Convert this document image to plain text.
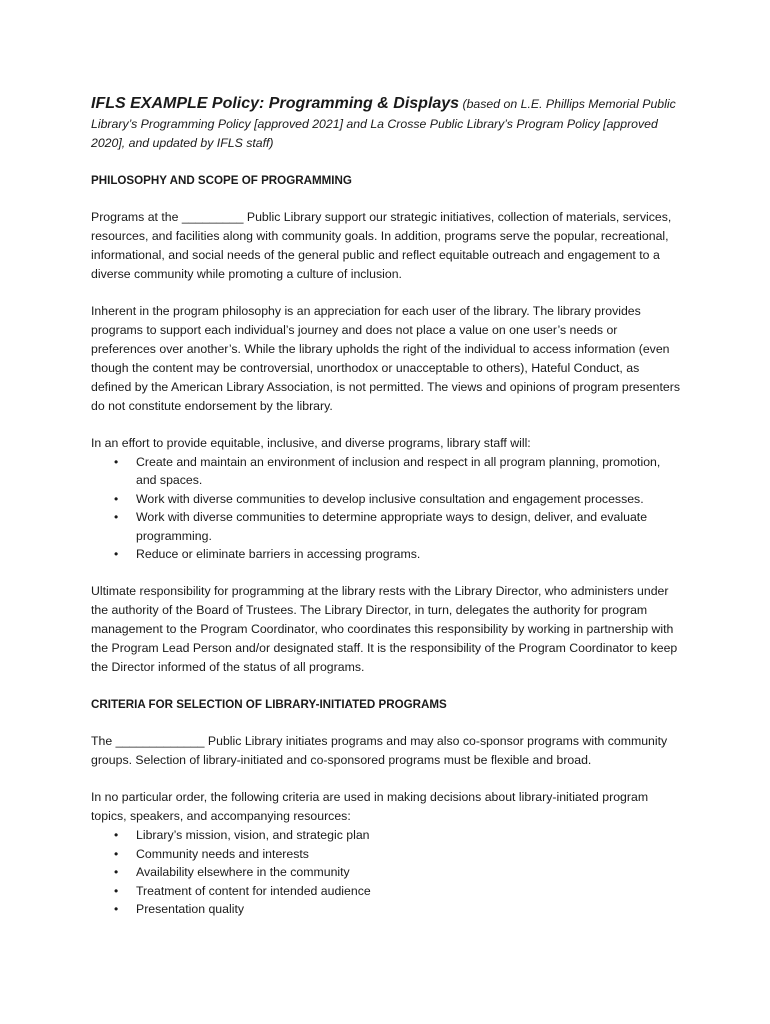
IFLS EXAMPLE Policy: Programming & Displays (based on L.E. Phillips Memorial Public Library’s Programming Policy [approved 2021] and La Crosse Public Library’s Program Policy [approved 2020], and updated by IFLS staff)
PHILOSOPHY AND SCOPE OF PROGRAMMING

Programs at the _________ Public Library support our strategic initiatives, collection of materials, services, resources, and facilities along with community goals. In addition, programs serve the popular, recreational, informational, and social needs of the general public and reflect equitable outreach and engagement to a diverse community while promoting a culture of inclusion.

Inherent in the program philosophy is an appreciation for each user of the library. The library provides programs to support each individual’s journey and does not place a value on one user’s needs or preferences over another’s. While the library upholds the right of the individual to access information (even though the content may be controversial, unorthodox or unacceptable to others), Hateful Conduct, as defined by the American Library Association, is not permitted. The views and opinions of program presenters do not constitute endorsement by the library.

In an effort to provide equitable, inclusive, and diverse programs, library staff will:

• Create and maintain an environment of inclusion and respect in all program planning, promotion, and spaces.
• Work with diverse communities to develop inclusive consultation and engagement processes.
• Work with diverse communities to determine appropriate ways to design, deliver, and evaluate programming.
• Reduce or eliminate barriers in accessing programs.

Ultimate responsibility for programming at the library rests with the Library Director, who administers under the authority of the Board of Trustees. The Library Director, in turn, delegates the authority for program management to the Program Coordinator, who coordinates this responsibility by working in partnership with the Program Lead Person and/or designated staff. It is the responsibility of the Program Coordinator to keep the Director informed of the status of all programs.

CRITERIA FOR SELECTION OF LIBRARY-INITIATED PROGRAMS

The _____________ Public Library initiates programs and may also co-sponsor programs with community groups. Selection of library-initiated and co-sponsored programs must be flexible and broad.

In no particular order, the following criteria are used in making decisions about library-initiated program topics, speakers, and accompanying resources:

• Library’s mission, vision, and strategic plan
• Community needs and interests
• Availability elsewhere in the community
• Treatment of content for intended audience
• Presentation quality
